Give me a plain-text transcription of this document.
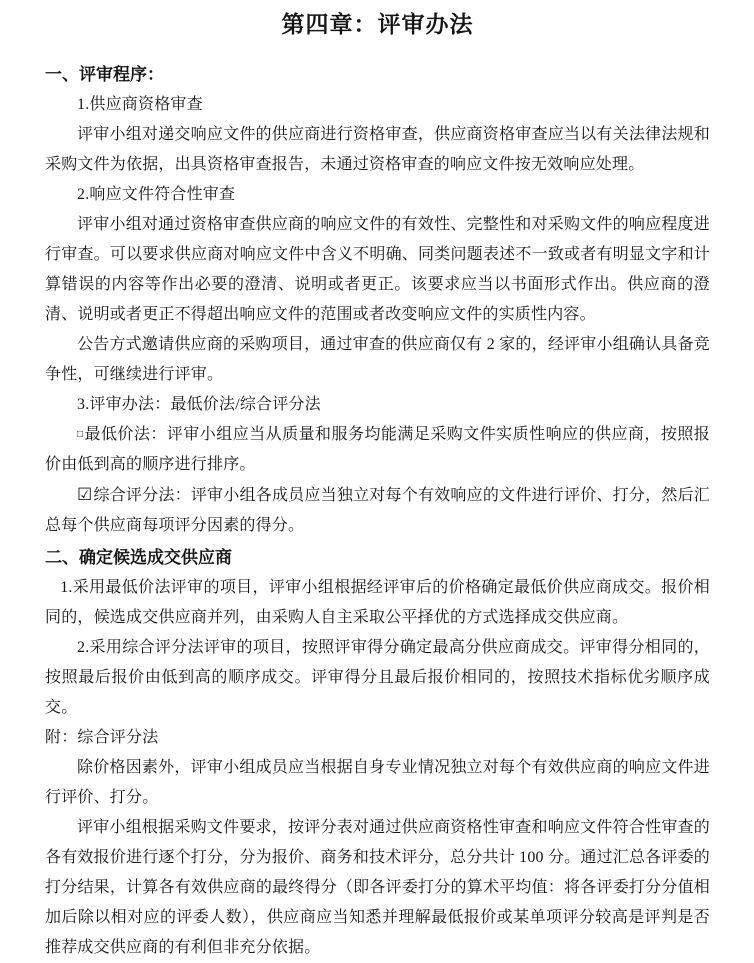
第四章：评审办法
一、评审程序：

1.供应商资格审查

评审小组对递交响应文件的供应商进行资格审查，供应商资格审查应当以有关法律法规和采购文件为依据，出具资格审查报告，未通过资格审查的响应文件按无效响应处理。

2.响应文件符合性审查

评审小组对通过资格审查供应商的响应文件的有效性、完整性和对采购文件的响应程度进行审查。可以要求供应商对响应文件中含义不明确、同类问题表述不一致或者有明显文字和计算错误的内容等作出必要的澄清、说明或者更正。该要求应当以书面形式作出。供应商的澄清、说明或者更正不得超出响应文件的范围或者改变响应文件的实质性内容。

公告方式邀请供应商的采购项目，通过审查的供应商仅有 2 家的，经评审小组确认具备竞争性，可继续进行评审。

3.评审办法：最低价法/综合评分法

□最低价法：评审小组应当从质量和服务均能满足采购文件实质性响应的供应商，按照报价由低到高的顺序进行排序。

☑综合评分法：评审小组各成员应当独立对每个有效响应的文件进行评价、打分，然后汇总每个供应商每项评分因素的得分。

二、确定候选成交供应商

1.采用最低价法评审的项目，评审小组根据经评审后的价格确定最低价供应商成交。报价相同的，候选成交供应商并列，由采购人自主采取公平择优的方式选择成交供应商。

2.采用综合评分法评审的项目，按照评审得分确定最高分供应商成交。评审得分相同的，按照最后报价由低到高的顺序成交。评审得分且最后报价相同的，按照技术指标优劣顺序成交。

附：综合评分法

除价格因素外，评审小组成员应当根据自身专业情况独立对每个有效供应商的响应文件进行评价、打分。

评审小组根据采购文件要求，按评分表对通过供应商资格性审查和响应文件符合性审查的各有效报价进行逐个打分，分为报价、商务和技术评分，总分共计 100 分。通过汇总各评委的打分结果，计算各有效供应商的最终得分（即各评委打分的算术平均值：将各评委打分分值相加后除以相对应的评委人数），供应商应当知悉并理解最低报价或某单项评分较高是评判是否推荐成交供应商的有利但非充分依据。
